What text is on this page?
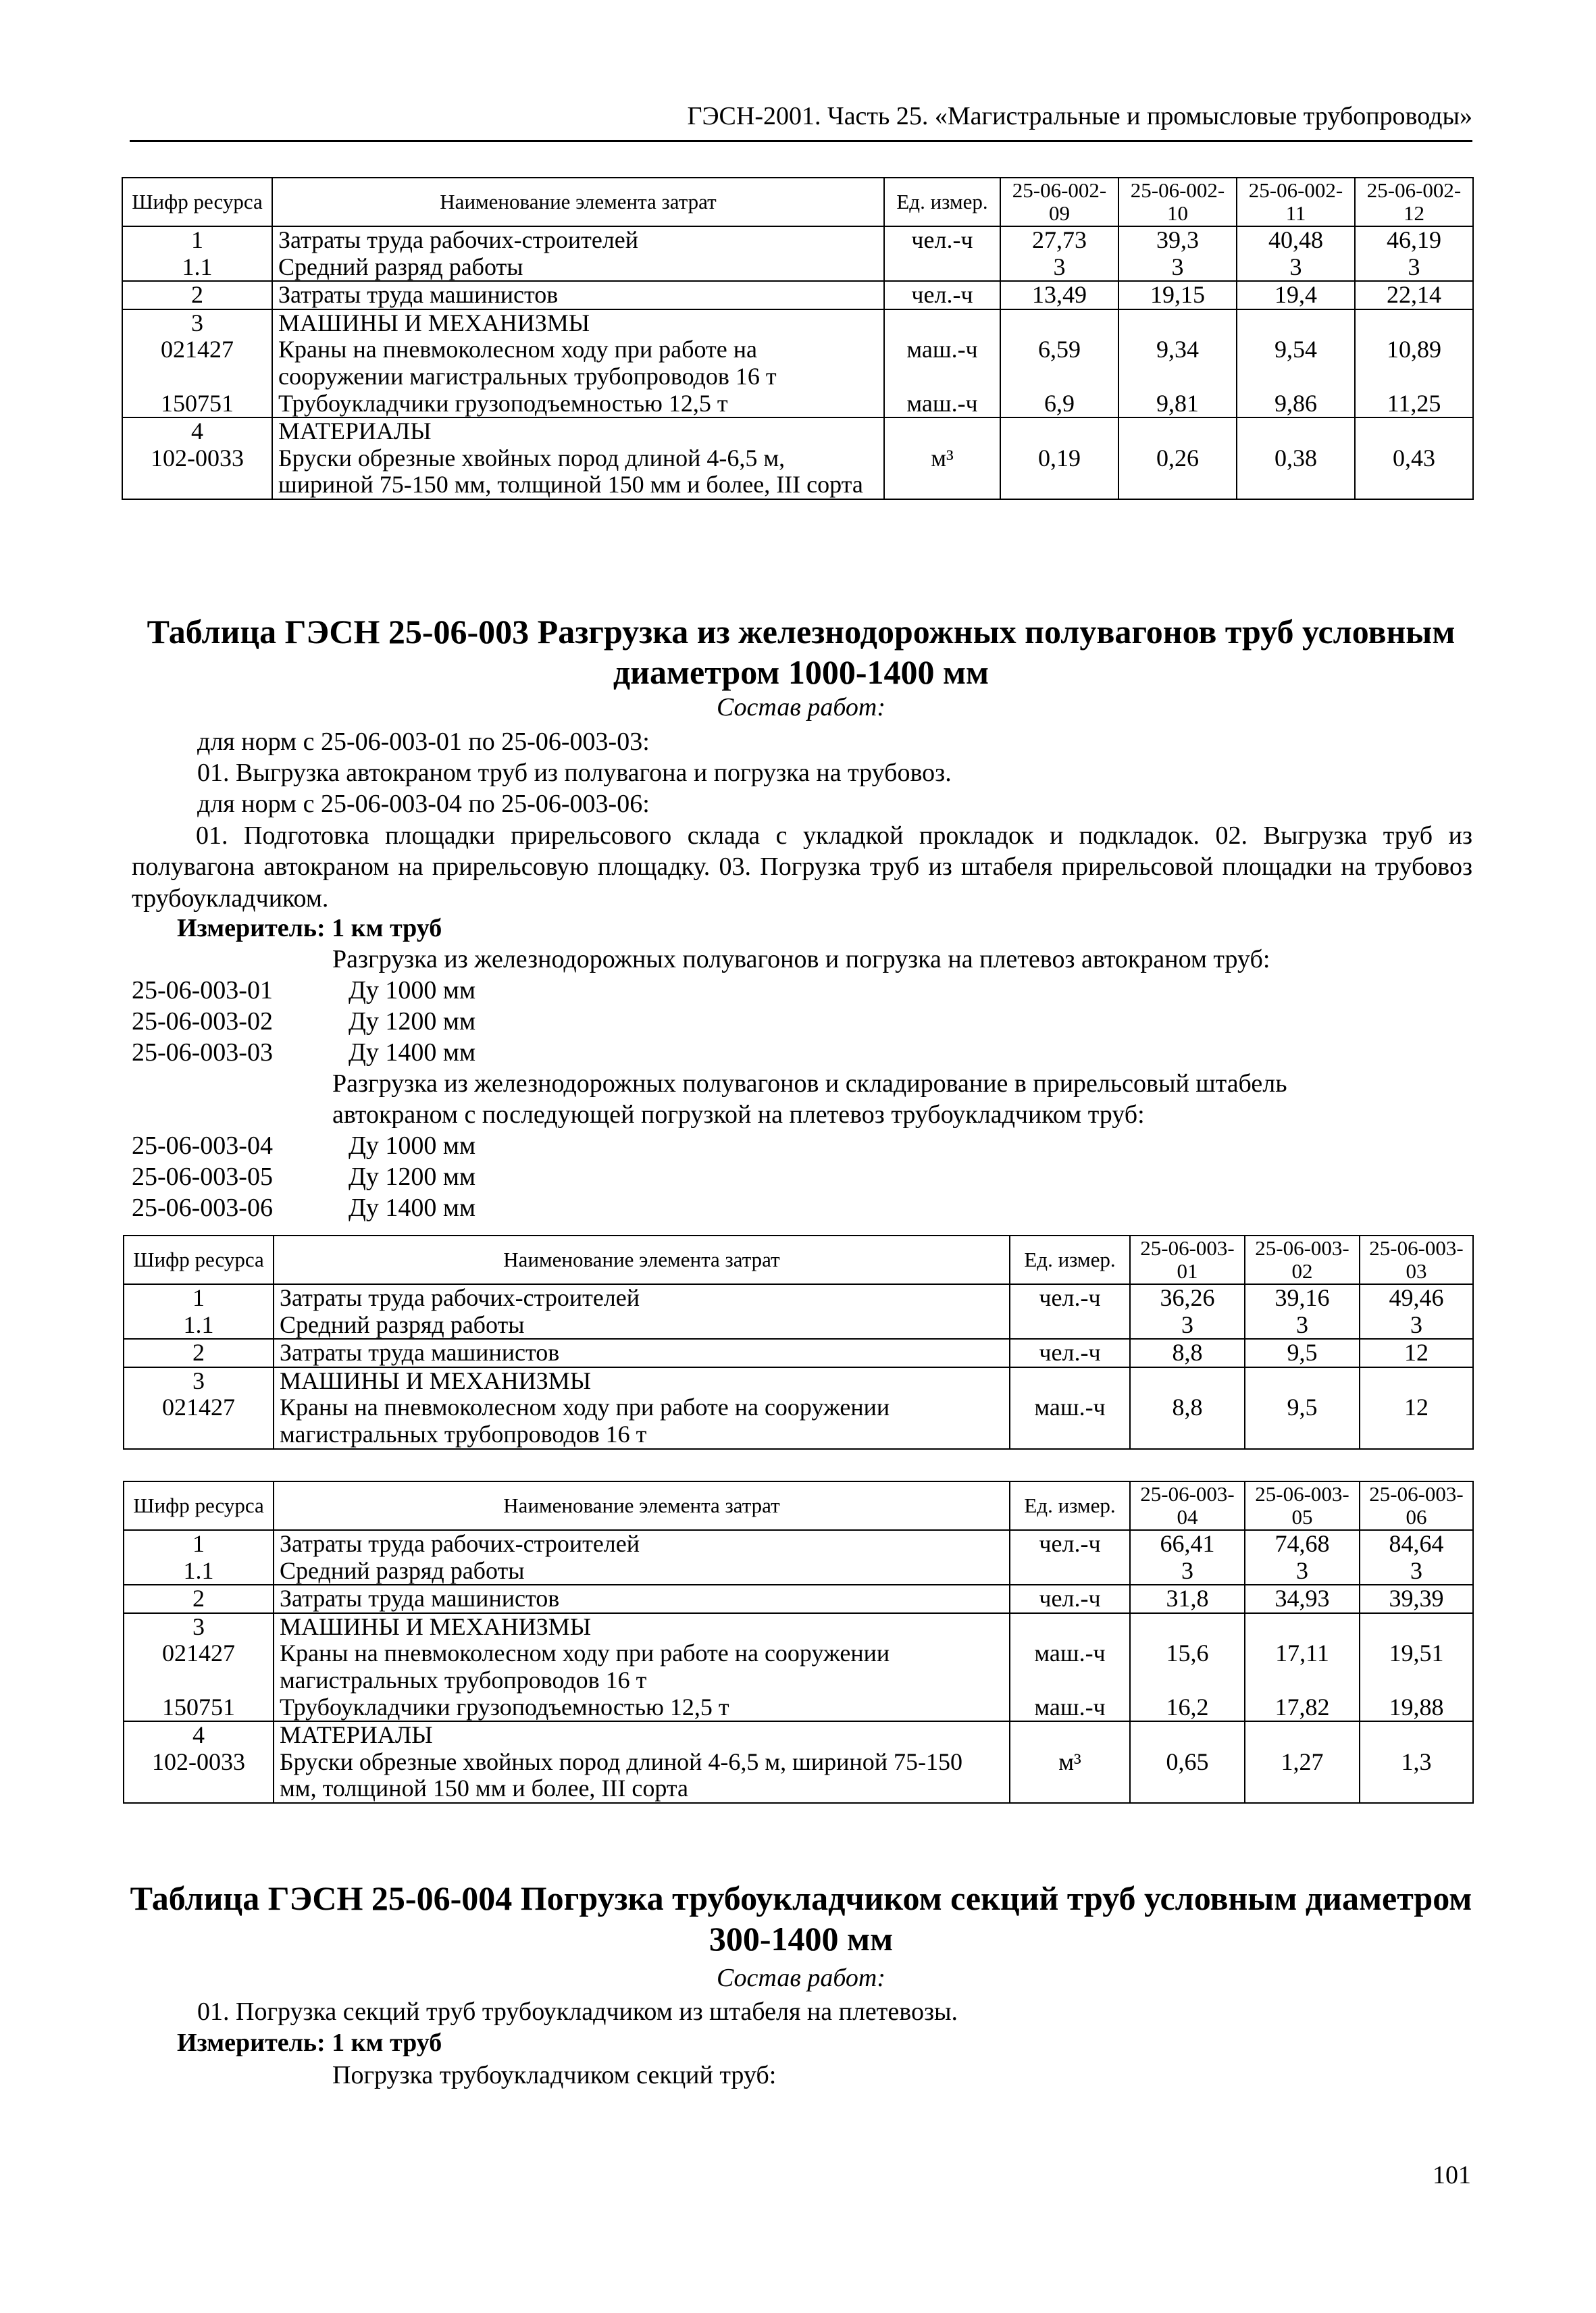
ГЭСН-2001. Часть 25. «Магистральные и промысловые трубопроводы»
Шифр ресурса	Наименование элемента затрат	Ед. измер.	25-06-002-09	25-06-002-10	25-06-002-11	25-06-002-12
1	Затраты труда рабочих-строителей	чел.-ч	27,73	39,3	40,48	46,19
1.1	Средний разряд работы		3	3	3	3
2	Затраты труда машинистов	чел.-ч	13,49	19,15	19,4	22,14
3	МАШИНЫ И МЕХАНИЗМЫ					
021427	Краны на пневмоколесном ходу при работе на сооружении магистральных трубопроводов 16 т	маш.-ч	6,59	9,34	9,54	10,89
150751	Трубоукладчики грузоподъемностью 12,5 т	маш.-ч	6,9	9,81	9,86	11,25
4	МАТЕРИАЛЫ					
102-0033	Бруски обрезные хвойных пород длиной 4-6,5 м, шириной 75-150 мм, толщиной 150 мм и более, III сорта	м³	0,19	0,26	0,38	0,43
Таблица ГЭСН 25-06-003 Разгрузка из железнодорожных полувагонов труб условным диаметром 1000-1400 мм
Состав работ:
для норм с 25-06-003-01 по 25-06-003-03:
01. Выгрузка автокраном труб из полувагона и погрузка на трубовоз.
для норм с 25-06-003-04 по 25-06-003-06:
01. Подготовка площадки прирельсового склада с укладкой прокладок и подкладок. 02. Выгрузка труб из полувагона автокраном на прирельсовую площадку. 03. Погрузка труб из штабеля прирельсовой площадки на трубовоз трубоукладчиком.
Измеритель: 1 км труб
Разгрузка из железнодорожных полувагонов и погрузка на плетевоз автокраном труб:
25-06-003-01	Ду 1000 мм
25-06-003-02	Ду 1200 мм
25-06-003-03	Ду 1400 мм
Разгрузка из железнодорожных полувагонов и складирование в прирельсовый штабель
автокраном с последующей погрузкой на плетевоз трубоукладчиком труб:
25-06-003-04	Ду 1000 мм
25-06-003-05	Ду 1200 мм
25-06-003-06	Ду 1400 мм
Шифр ресурса	Наименование элемента затрат	Ед. измер.	25-06-003-01	25-06-003-02	25-06-003-03
1	Затраты труда рабочих-строителей	чел.-ч	36,26	39,16	49,46
1.1	Средний разряд работы		3	3	3
2	Затраты труда машинистов	чел.-ч	8,8	9,5	12
3	МАШИНЫ И МЕХАНИЗМЫ				
021427	Краны на пневмоколесном ходу при работе на сооружении магистральных трубопроводов 16 т	маш.-ч	8,8	9,5	12
Шифр ресурса	Наименование элемента затрат	Ед. измер.	25-06-003-04	25-06-003-05	25-06-003-06
1	Затраты труда рабочих-строителей	чел.-ч	66,41	74,68	84,64
1.1	Средний разряд работы		3	3	3
2	Затраты труда машинистов	чел.-ч	31,8	34,93	39,39
3	МАШИНЫ И МЕХАНИЗМЫ				
021427	Краны на пневмоколесном ходу при работе на сооружении магистральных трубопроводов 16 т	маш.-ч	15,6	17,11	19,51
150751	Трубоукладчики грузоподъемностью 12,5 т	маш.-ч	16,2	17,82	19,88
4	МАТЕРИАЛЫ				
102-0033	Бруски обрезные хвойных пород длиной 4-6,5 м, шириной 75-150 мм, толщиной 150 мм и более, III сорта	м³	0,65	1,27	1,3
Таблица ГЭСН 25-06-004 Погрузка трубоукладчиком секций труб условным диаметром 300-1400 мм
Состав работ:
01. Погрузка секций труб трубоукладчиком из штабеля на плетевозы.
Измеритель: 1 км труб
Погрузка трубоукладчиком секций труб:
101
